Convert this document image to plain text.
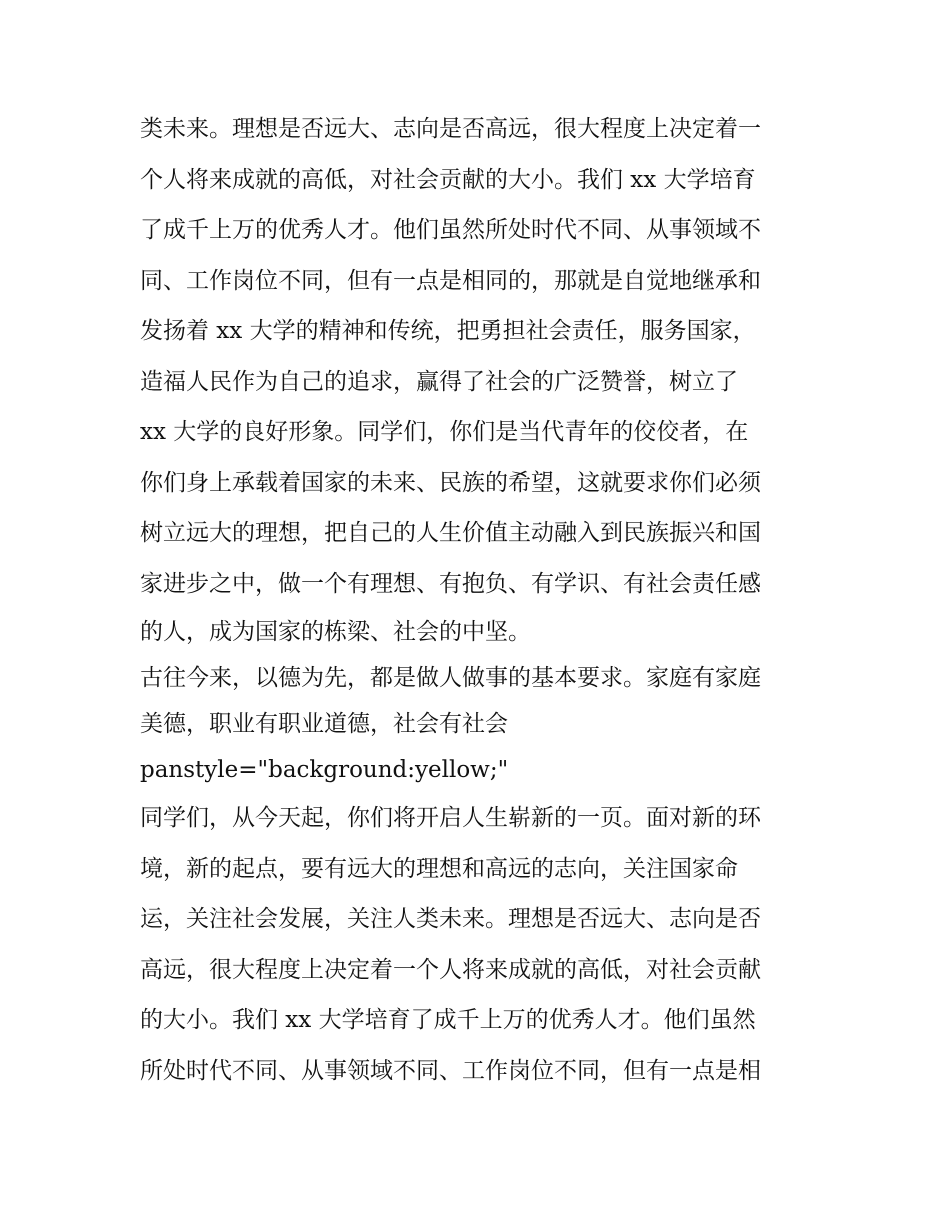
类未来。理想是否远大、志向是否高远，很大程度上决定着一
个人将来成就的高低，对社会贡献的大小。我们 xx 大学培育
了成千上万的优秀人才。他们虽然所处时代不同、从事领域不
同、工作岗位不同，但有一点是相同的，那就是自觉地继承和
发扬着 xx 大学的精神和传统，把勇担社会责任，服务国家，
造福人民作为自己的追求，赢得了社会的广泛赞誉，树立了
xx 大学的良好形象。同学们，你们是当代青年的佼佼者，在
你们身上承载着国家的未来、民族的希望，这就要求你们必须
树立远大的理想，把自己的人生价值主动融入到民族振兴和国
家进步之中，做一个有理想、有抱负、有学识、有社会责任感
的人，成为国家的栋梁、社会的中坚。
古往今来，以德为先，都是做人做事的基本要求。家庭有家庭
美德，职业有职业道德，社会有社会
panstyle="background:yellow;"
同学们，从今天起，你们将开启人生崭新的一页。面对新的环
境，新的起点，要有远大的理想和高远的志向，关注国家命
运，关注社会发展，关注人类未来。理想是否远大、志向是否
高远，很大程度上决定着一个人将来成就的高低，对社会贡献
的大小。我们 xx 大学培育了成千上万的优秀人才。他们虽然
所处时代不同、从事领域不同、工作岗位不同，但有一点是相
